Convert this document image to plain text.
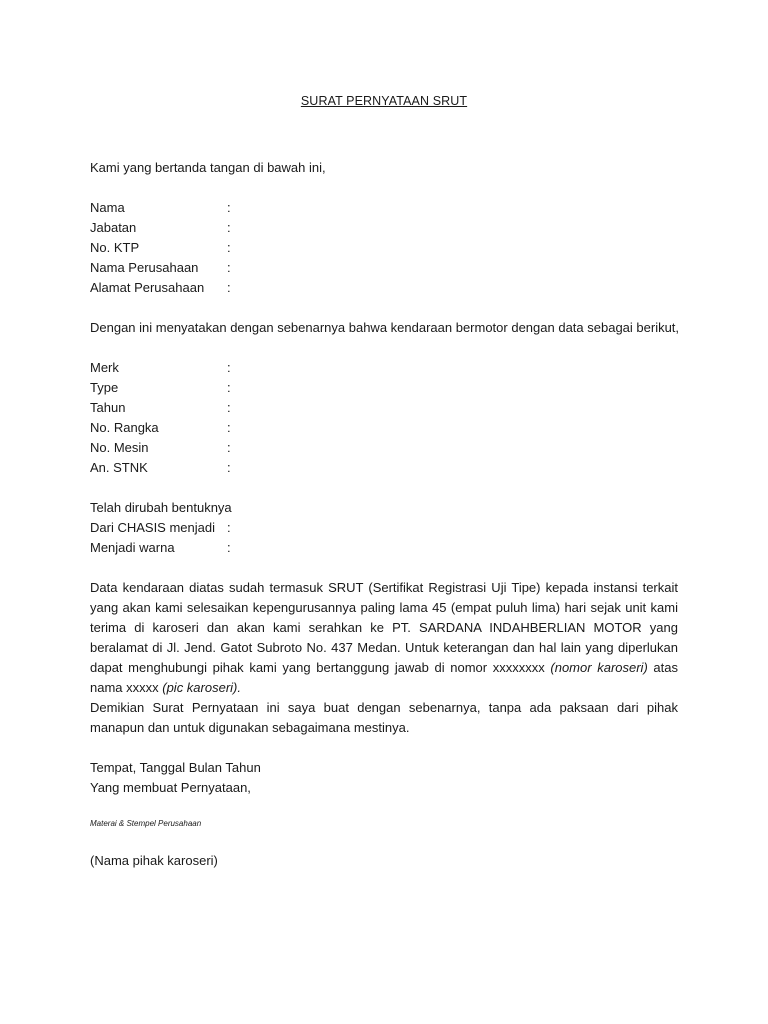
SURAT PERNYATAAN SRUT
Kami yang bertanda tangan di bawah ini,
Nama	:
Jabatan	:
No. KTP	:
Nama Perusahaan :
Alamat Perusahaan :
Dengan ini menyatakan dengan sebenarnya bahwa kendaraan bermotor dengan data sebagai berikut,
Merk	:
Type	:
Tahun	:
No. Rangka	:
No. Mesin	:
An. STNK	:
Telah dirubah bentuknya
Dari CHASIS menjadi :
Menjadi warna	:
Data kendaraan diatas sudah termasuk SRUT (Sertifikat Registrasi Uji Tipe) kepada instansi terkait yang akan kami selesaikan kepengurusannya paling lama 45 (empat puluh lima) hari sejak unit kami terima di karoseri dan akan kami serahkan ke PT. SARDANA INDAHBERLIAN MOTOR yang beralamat di Jl. Jend. Gatot Subroto No. 437 Medan. Untuk keterangan dan hal lain yang diperlukan dapat menghubungi pihak kami yang bertanggung jawab di nomor xxxxxxxx (nomor karoseri) atas nama xxxxx (pic karoseri).
Demikian Surat Pernyataan ini saya buat dengan sebenarnya, tanpa ada paksaan dari pihak manapun dan untuk digunakan sebagaimana mestinya.
Tempat, Tanggal Bulan Tahun
Yang membuat Pernyataan,
Materai & Stempel Perusahaan
(Nama pihak karoseri)
